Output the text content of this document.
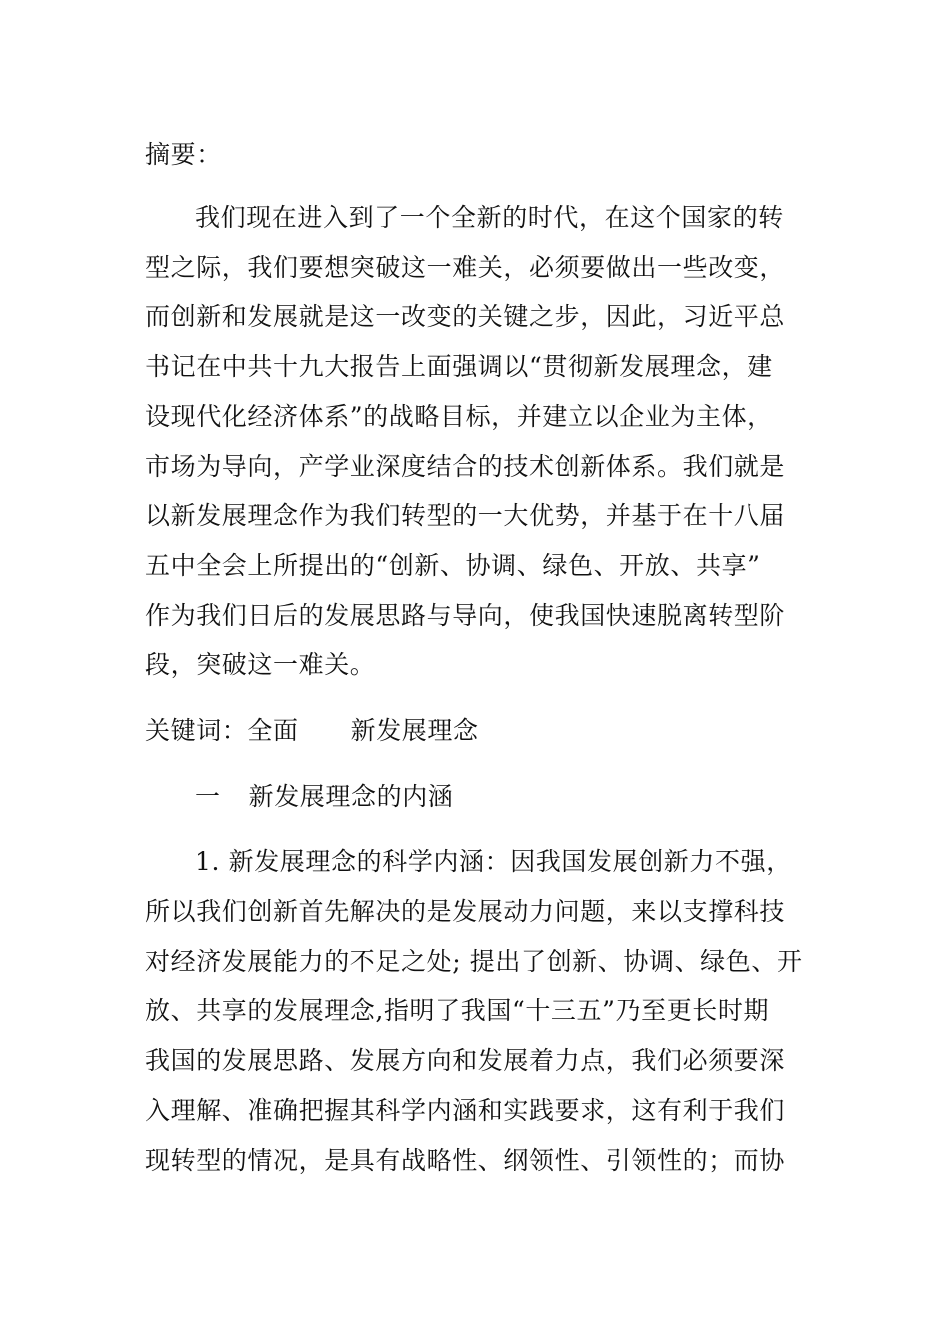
摘要：
我们现在进入到了一个全新的时代，在这个国家的转
型之际，我们要想突破这一难关，必须要做出一些改变，
而创新和发展就是这一改变的关键之步，因此，习近平总
书记在中共十九大报告上面强调以“贯彻新发展理念，建
设现代化经济体系”的战略目标，并建立以企业为主体，
市场为导向，产学业深度结合的技术创新体系。我们就是
以新发展理念作为我们转型的一大优势，并基于在十八届
五中全会上所提出的“创新、协调、绿色、开放、共享”
作为我们日后的发展思路与导向，使我国快速脱离转型阶
段，突破这一难关。
关键词：全面 新发展理念
一 新发展理念的内涵
1. 新发展理念的科学内涵：因我国发展创新力不强，
所以我们创新首先解决的是发展动力问题，来以支撑科技
对经济发展能力的不足之处; 提出了创新、协调、绿色、开
放、共享的发展理念,指明了我国“十三五”乃至更长时期
我国的发展思路、发展方向和发展着力点，我们必须要深
入理解、准确把握其科学内涵和实践要求，这有利于我们
现转型的情况，是具有战略性、纲领性、引领性的；而协
